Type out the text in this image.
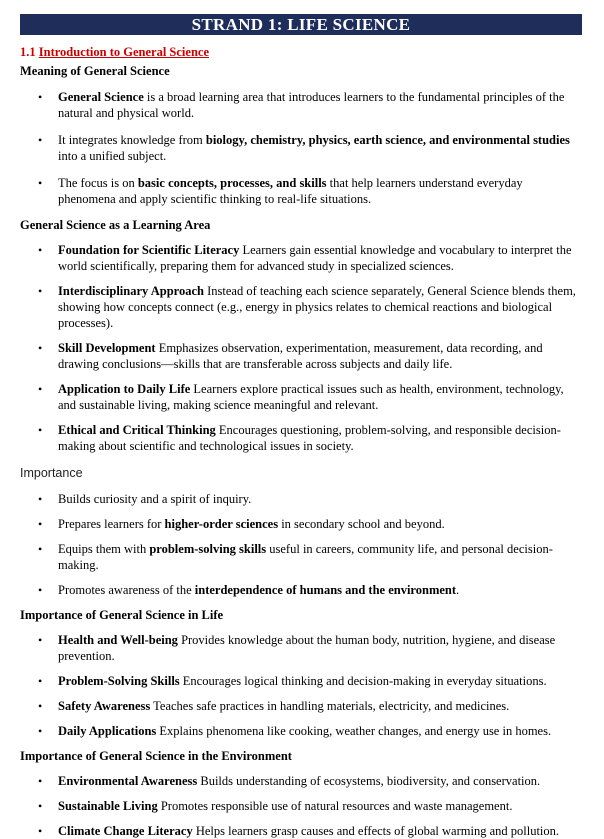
STRAND 1: LIFE SCIENCE
1.1 Introduction to General Science
Meaning of General Science
• General Science is a broad learning area that introduces learners to the fundamental principles of the natural and physical world.
• It integrates knowledge from biology, chemistry, physics, earth science, and environmental studies into a unified subject.
• The focus is on basic concepts, processes, and skills that help learners understand everyday phenomena and apply scientific thinking to real-life situations.
General Science as a Learning Area
• Foundation for Scientific Literacy Learners gain essential knowledge and vocabulary to interpret the world scientifically, preparing them for advanced study in specialized sciences.
• Interdisciplinary Approach Instead of teaching each science separately, General Science blends them, showing how concepts connect (e.g., energy in physics relates to chemical reactions and biological processes).
• Skill Development Emphasizes observation, experimentation, measurement, data recording, and drawing conclusions—skills that are transferable across subjects and daily life.
• Application to Daily Life Learners explore practical issues such as health, environment, technology, and sustainable living, making science meaningful and relevant.
• Ethical and Critical Thinking Encourages questioning, problem-solving, and responsible decision-making about scientific and technological issues in society.
Importance
• Builds curiosity and a spirit of inquiry.
• Prepares learners for higher-order sciences in secondary school and beyond.
• Equips them with problem-solving skills useful in careers, community life, and personal decision-making.
• Promotes awareness of the interdependence of humans and the environment.
Importance of General Science in Life
• Health and Well-being Provides knowledge about the human body, nutrition, hygiene, and disease prevention.
• Problem-Solving Skills Encourages logical thinking and decision-making in everyday situations.
• Safety Awareness Teaches safe practices in handling materials, electricity, and medicines.
• Daily Applications Explains phenomena like cooking, weather changes, and energy use in homes.
Importance of General Science in the Environment
• Environmental Awareness Builds understanding of ecosystems, biodiversity, and conservation.
• Sustainable Living Promotes responsible use of natural resources and waste management.
• Climate Change Literacy Helps learners grasp causes and effects of global warming and pollution.
